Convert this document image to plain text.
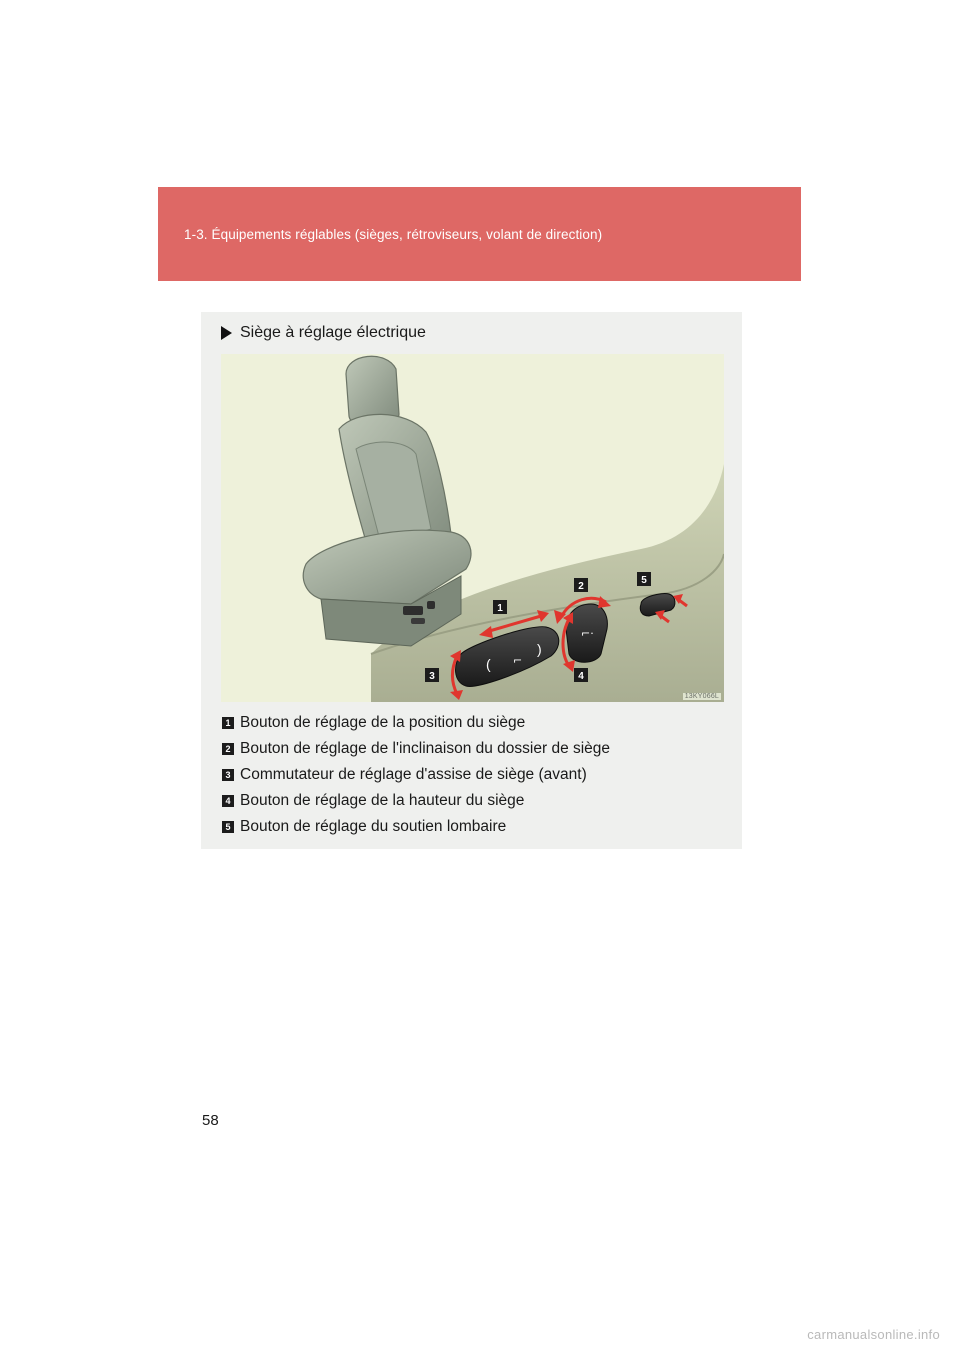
1-3. Équipements réglables (sièges, rétroviseurs, volant de direction)
Siège à réglage électrique
(
)
⌐
⌐·
1
2
3	4
5
13KY066L
1 Bouton de réglage de la position du siège
2 Bouton de réglage de l'inclinaison du dossier de siège
3 Commutateur de réglage d'assise de siège (avant)
4 Bouton de réglage de la hauteur du siège
5 Bouton de réglage du soutien lombaire
58
carmanualsonline.info
